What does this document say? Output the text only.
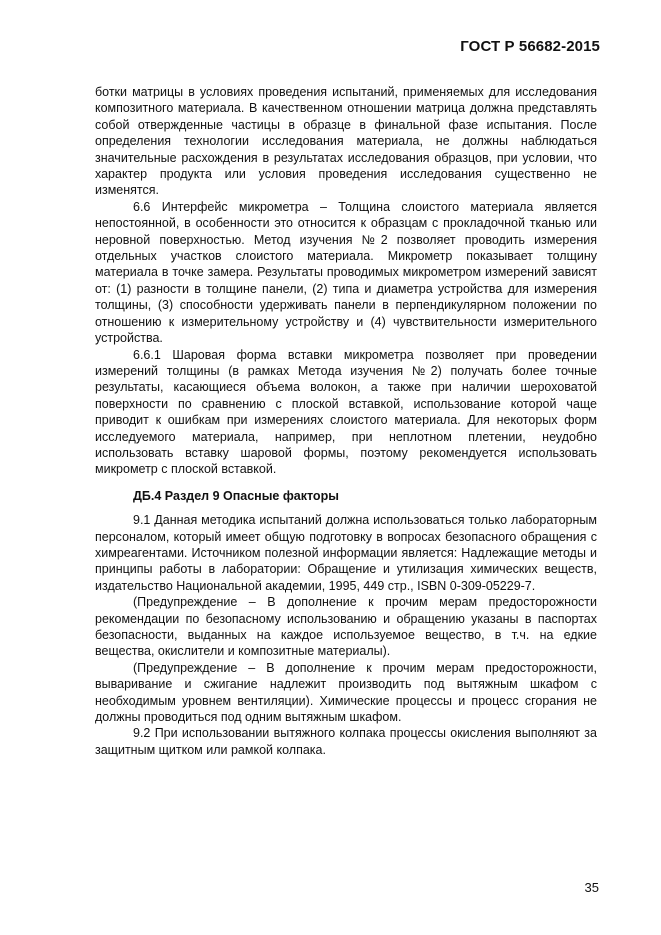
ГОСТ Р 56682-2015

ботки матрицы в условиях проведения испытаний, применяемых для исследования композитного материала. В качественном отношении матрица должна представлять собой отвержденные частицы в образце в финальной фазе испытания. После определения технологии исследования материала, не должны наблюдаться значительные расхождения в результатах исследования образцов, при условии, что характер продукта или условия проведения исследования существенно не изменятся.

6.6 Интерфейс микрометра – Толщина слоистого материала является непостоянной, в особенности это относится к образцам с прокладочной тканью или неровной поверхностью. Метод изучения №2 позволяет проводить измерения отдельных участков слоистого материала. Микрометр показывает толщину материала в точке замера. Результаты проводимых микрометром измерений зависят от: (1) разности в толщине панели, (2) типа и диаметра устройства для измерения толщины, (3) способности удерживать панели в перпендикулярном положении по отношению к измерительному устройству и (4) чувствительности измерительного устройства.

6.6.1 Шаровая форма вставки микрометра позволяет при проведении измерений толщины (в рамках Метода изучения №2) получать более точные результаты, касающиеся объема волокон, а также при наличии шероховатой поверхности по сравнению с плоской вставкой, использование которой чаще приводит к ошибкам при измерениях слоистого материала. Для некоторых форм исследуемого материала, например, при неплотном плетении, неудобно использовать вставку шаровой формы, поэтому рекомендуется использовать микрометр с плоской вставкой.

ДБ.4 Раздел 9 Опасные факторы

9.1 Данная методика испытаний должна использоваться только лабораторным персоналом, который имеет общую подготовку в вопросах безопасного обращения с химреагентами. Источником полезной информации является: Надлежащие методы и принципы работы в лаборатории: Обращение и утилизация химических веществ, издательство Национальной академии, 1995, 449 стр., ISBN 0-309-05229-7.

(Предупреждение – В дополнение к прочим мерам предосторожности рекомендации по безопасному использованию и обращению указаны в паспортах безопасности, выданных на каждое используемое вещество, в т.ч. на едкие вещества, окислители и композитные материалы).

(Предупреждение – В дополнение к прочим мерам предосторожности, вываривание и сжигание надлежит производить под вытяжным шкафом с необходимым уровнем вентиляции). Химические процессы и процесс сгорания не должны проводиться под одним вытяжным шкафом.

9.2 При использовании вытяжного колпака процессы окисления выполняют за защитным щитком или рамкой колпака.

35
